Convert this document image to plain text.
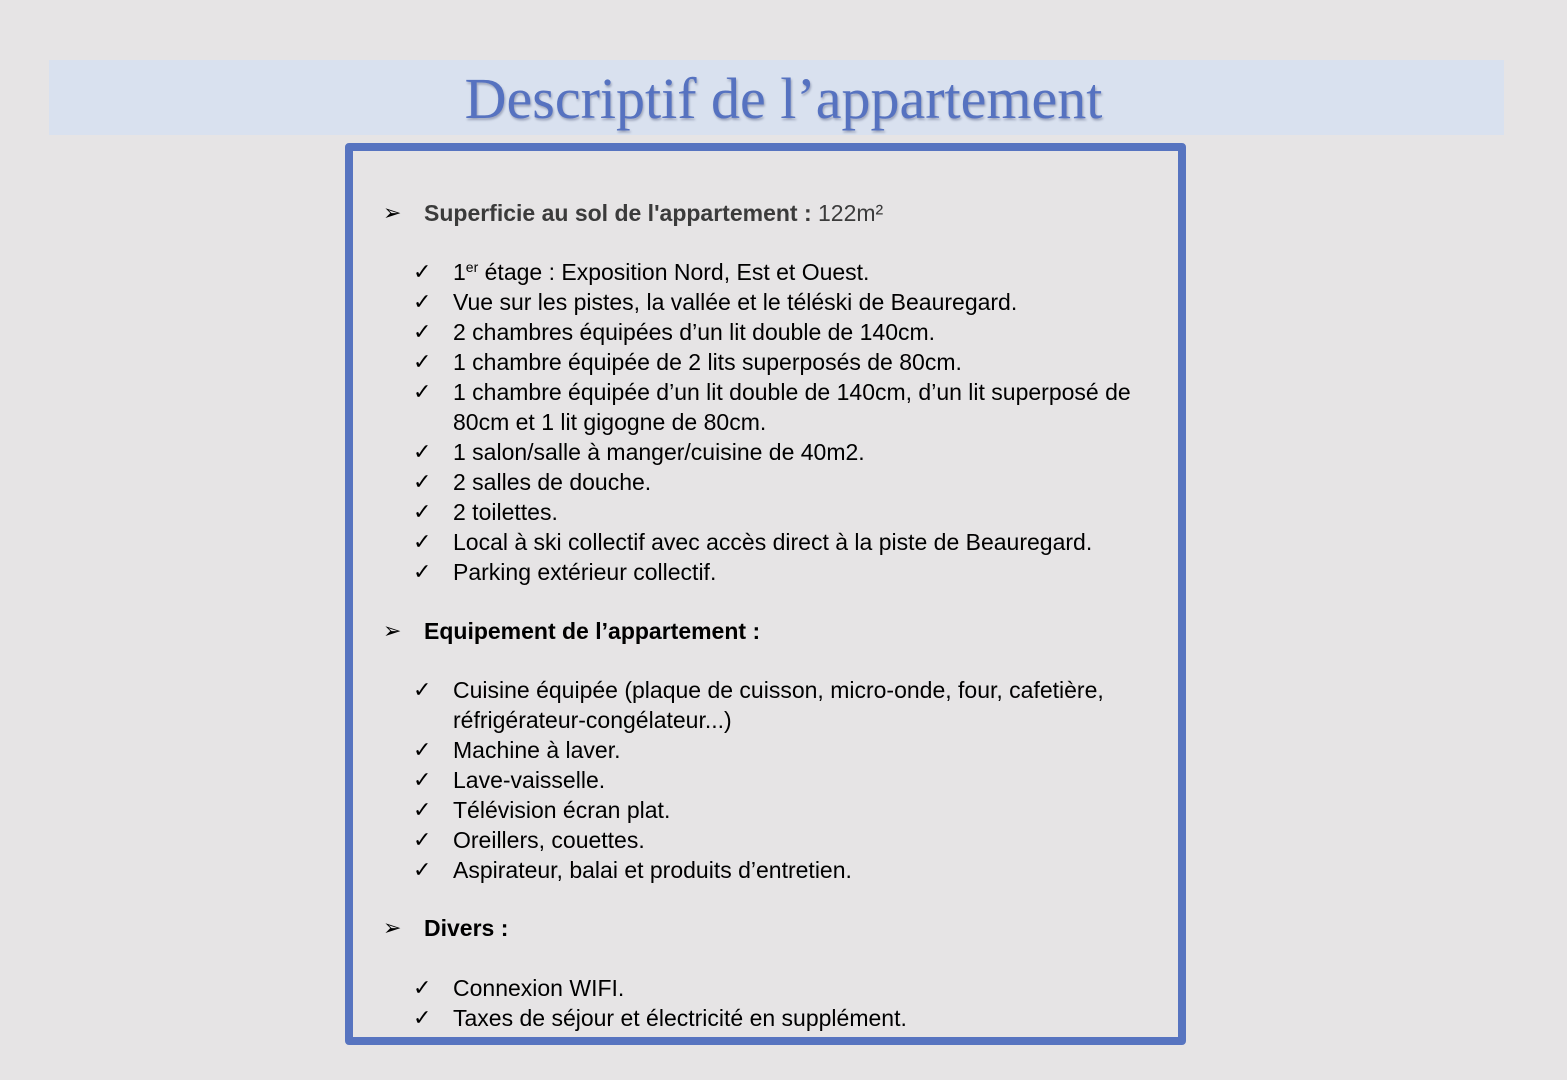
Descriptif de l’appartement
➢ Superficie au sol de l'appartement : 122m²
✓ 1er étage : Exposition Nord, Est et Ouest.
✓ Vue sur les pistes, la vallée et le téléski de Beauregard.
✓ 2 chambres équipées d’un lit double de 140cm.
✓ 1 chambre équipée de 2 lits superposés de 80cm.
✓ 1 chambre équipée d’un lit double de 140cm, d’un lit superposé de 80cm et 1 lit gigogne de 80cm.
✓ 1 salon/salle à manger/cuisine de 40m2.
✓ 2 salles de douche.
✓ 2 toilettes.
✓ Local à ski collectif avec accès direct à la piste de Beauregard.
✓ Parking extérieur collectif.
➢ Equipement de l’appartement :
✓ Cuisine équipée (plaque de cuisson, micro-onde, four, cafetière, réfrigérateur-congélateur...)
✓ Machine à laver.
✓ Lave-vaisselle.
✓ Télévision écran plat.
✓ Oreillers, couettes.
✓ Aspirateur, balai et produits d’entretien.
➢ Divers :
✓ Connexion WIFI.
✓ Taxes de séjour et électricité en supplément.
